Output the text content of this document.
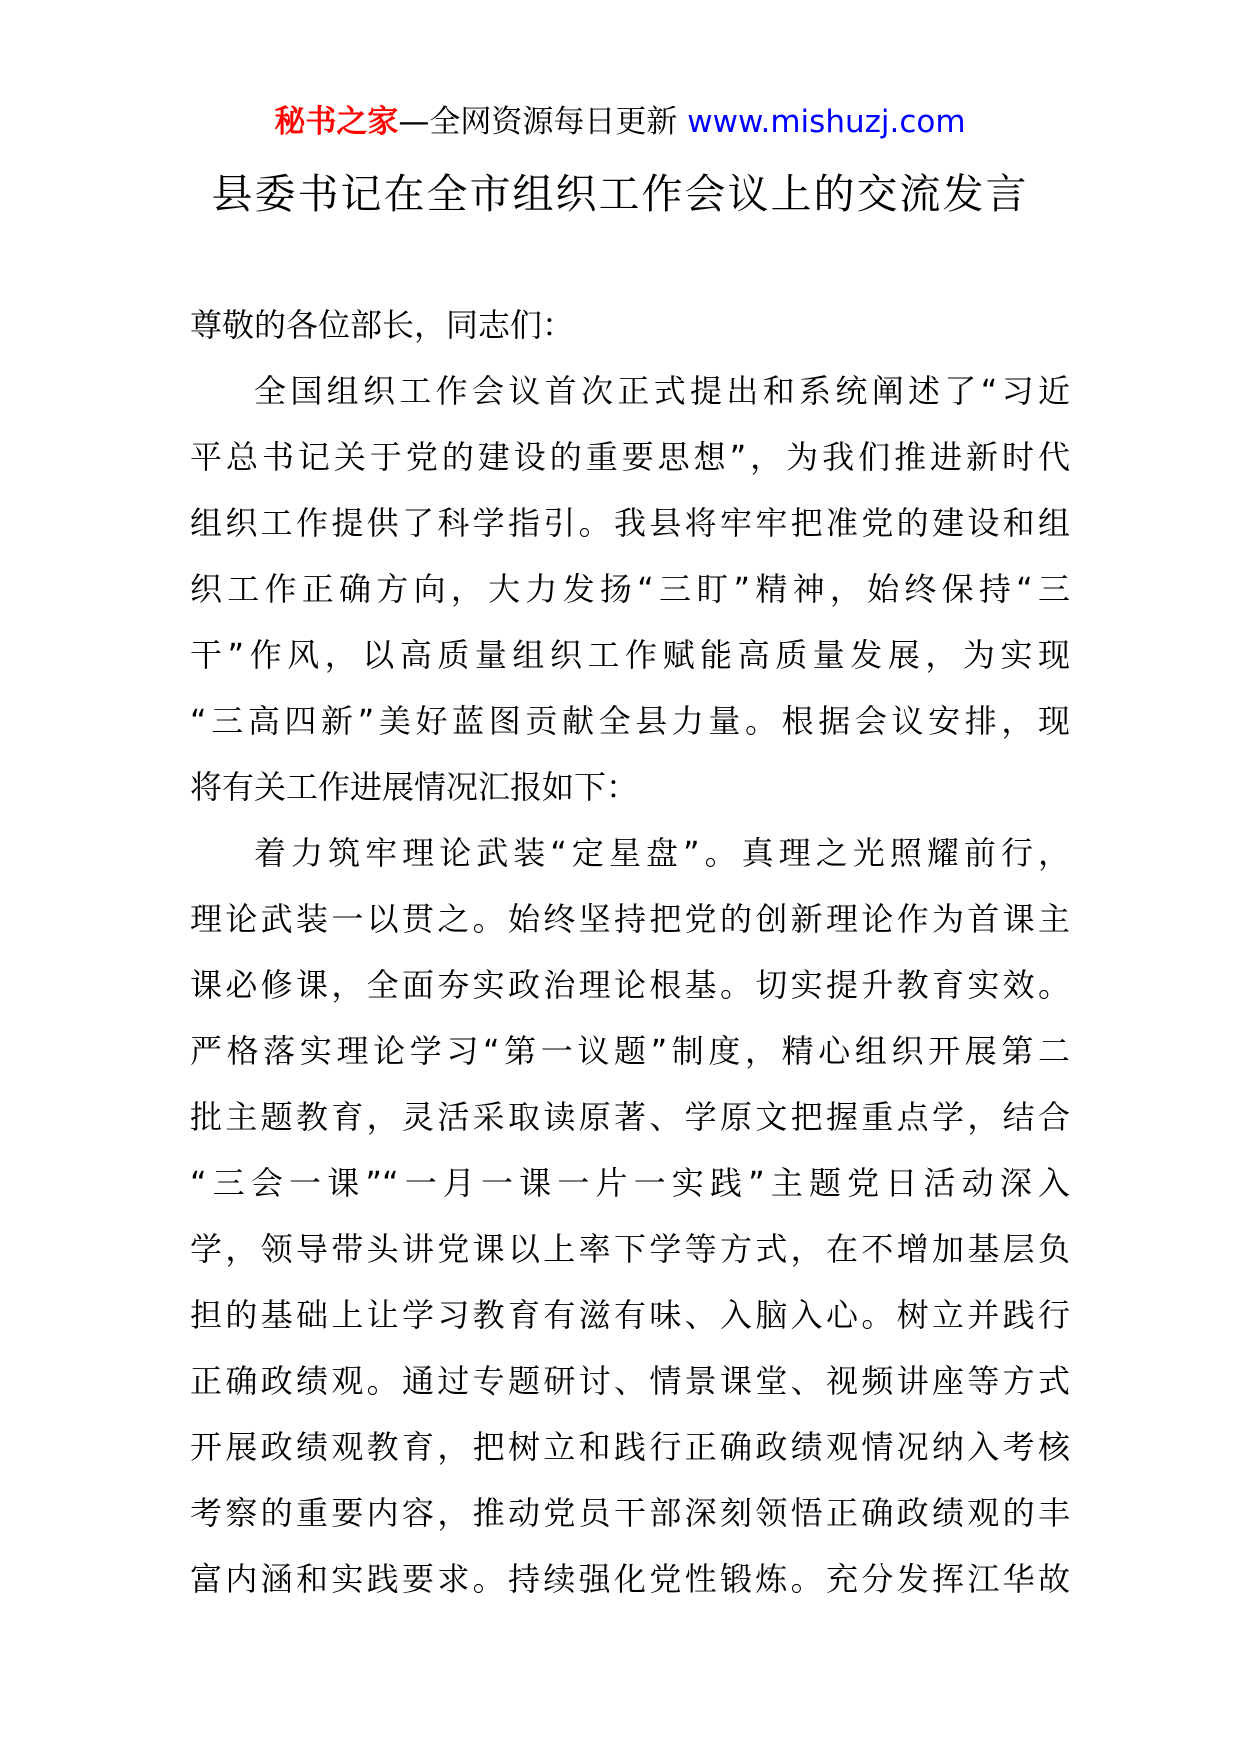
秘书之家—全网资源每日更新 www.mishuzj.com
县委书记在全市组织工作会议上的交流发言
尊敬的各位部长，同志们：
全国组织工作会议首次正式提出和系统阐述了“习近
平总书记关于党的建设的重要思想”，为我们推进新时代
组织工作提供了科学指引。我县将牢牢把准党的建设和组
织工作正确方向，大力发扬“三盯”精神，始终保持“三
干”作风，以高质量组织工作赋能高质量发展，为实现
“三高四新”美好蓝图贡献全县力量。根据会议安排，现
将有关工作进展情况汇报如下：
着力筑牢理论武装“定星盘”。真理之光照耀前行，
理论武装一以贯之。始终坚持把党的创新理论作为首课主
课必修课，全面夯实政治理论根基。切实提升教育实效。
严格落实理论学习“第一议题”制度，精心组织开展第二
批主题教育，灵活采取读原著、学原文把握重点学，结合
“三会一课”“一月一课一片一实践”主题党日活动深入
学，领导带头讲党课以上率下学等方式，在不增加基层负
担的基础上让学习教育有滋有味、入脑入心。树立并践行
正确政绩观。通过专题研讨、情景课堂、视频讲座等方式
开展政绩观教育，把树立和践行正确政绩观情况纳入考核
考察的重要内容，推动党员干部深刻领悟正确政绩观的丰
富内涵和实践要求。持续强化党性锻炼。充分发挥江华故
